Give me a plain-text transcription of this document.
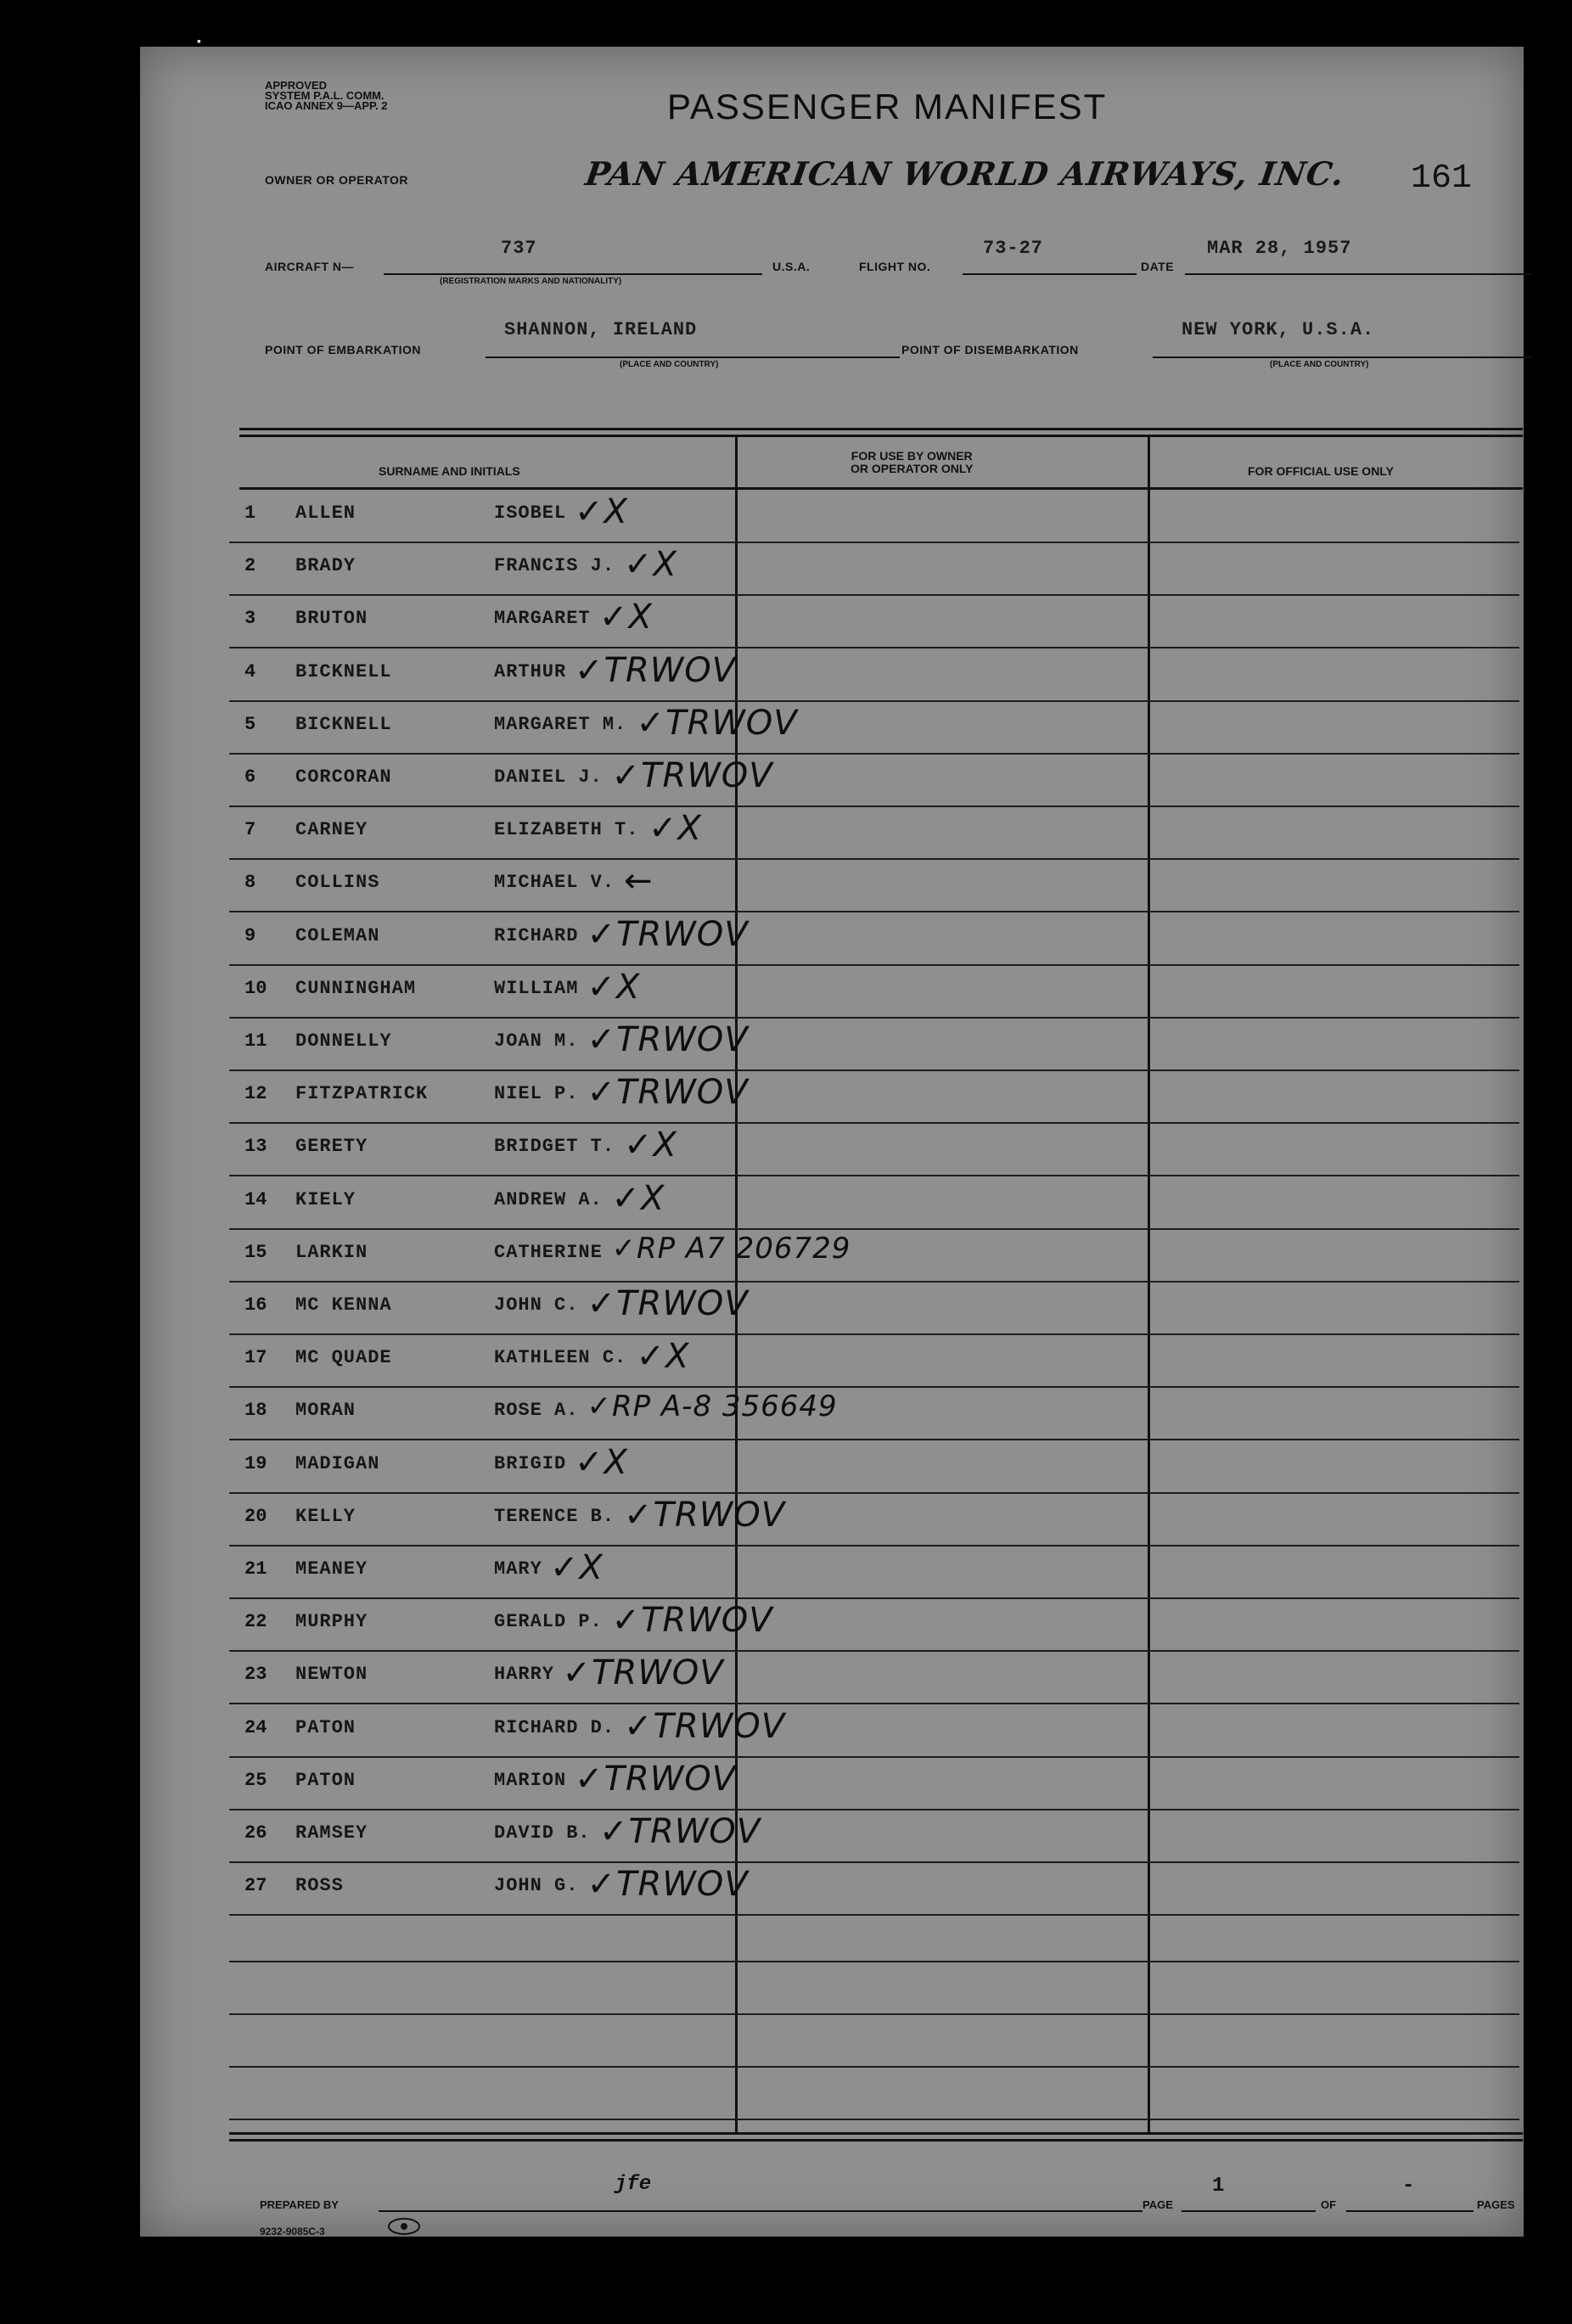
▪
APPROVED
SYSTEM P.A.L. COMM.
ICAO ANNEX 9—APP. 2	PASSENGER MANIFEST
OWNER OR OPERATOR	PAN AMERICAN WORLD AIRWAYS, INC. 161
AIRCRAFT N—
737
(REGISTRATION MARKS AND NATIONALITY)
U.S.A.	FLIGHT NO.
73-27
DATE
MAR 28, 1957
POINT OF EMBARKATION
SHANNON, IRELAND
(PLACE AND COUNTRY)
POINT OF DISEMBARKATION
NEW YORK, U.S.A.
(PLACE AND COUNTRY)
SURNAME AND INITIALS
FOR USE BY OWNER
OR OPERATOR ONLY	FOR OFFICIAL USE ONLY
1	ALLEN	ISOBEL ✓X
2	BRADY	FRANCIS J. ✓X
3	BRUTON	MARGARET ✓X
4	BICKNELL	ARTHUR ✓TRWOV
5	BICKNELL	MARGARET M. ✓TRWOV
6	CORCORAN	DANIEL J. ✓TRWOV
7	CARNEY	ELIZABETH T. ✓X
8	COLLINS	MICHAEL V. ←
9	COLEMAN	RICHARD ✓TRWOV
10	CUNNINGHAM	WILLIAM ✓X
11	DONNELLY	JOAN M. ✓TRWOV
12	FITZPATRICK	NIEL P. ✓TRWOV
13	GERETY	BRIDGET T. ✓X
14	KIELY	ANDREW A. ✓X
15	LARKIN	CATHERINE ✓RP A7 206729
16	MC KENNA	JOHN C. ✓TRWOV
17	MC QUADE	KATHLEEN C. ✓X
18	MORAN	ROSE A. ✓RP A-8 356649
19	MADIGAN	BRIGID ✓X
20	KELLY	TERENCE B. ✓TRWOV
21	MEANEY	MARY ✓X
22	MURPHY	GERALD P. ✓TRWOV
23	NEWTON	HARRY ✓TRWOV
24	PATON	RICHARD D. ✓TRWOV
25	PATON	MARION ✓TRWOV
26	RAMSEY	DAVID B. ✓TRWOV
27	ROSS	JOHN G. ✓TRWOV
PREPARED BY
jfe
PAGE
1
OF
-
PAGES
9232-9085C-3
